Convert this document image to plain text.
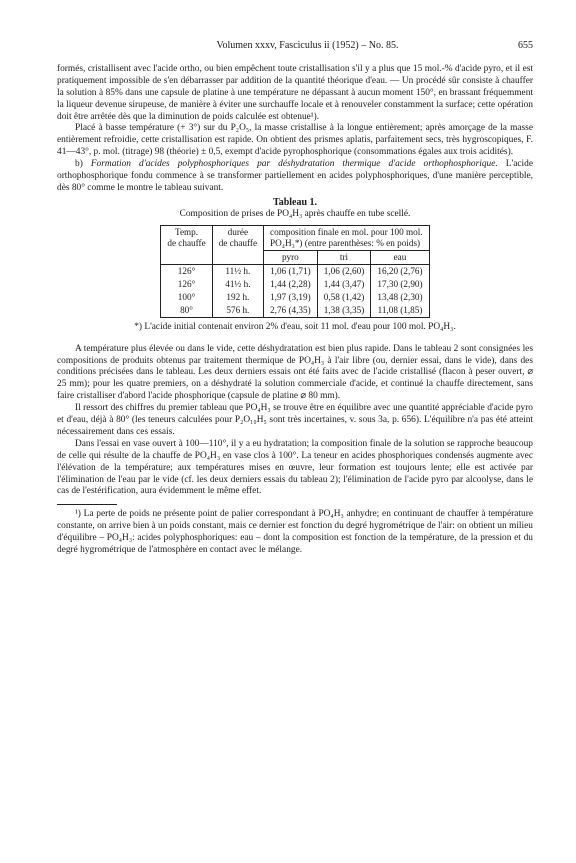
Volumen xxxv, Fasciculus ii (1952) – No. 85.	655

formés, cristallisent avec l'acide ortho, ou bien empêchent toute cristallisation s'il y a plus que 15 mol.-% d'acide pyro, et il est pratiquement impossible de s'en débarrasser par addition de la quantité théorique d'eau. — Un procédé sûr consiste à chauffer la solution à 85% dans une capsule de platine à une température ne dépassant à aucun moment 150°, en brassant fréquemment la liqueur devenue sirupeuse, de manière à éviter une surchauffe locale et à renouveler constamment la surface; cette opération doit être arrêtée dès que la diminution de poids calculée est obtenue¹).

Placé à basse température (+ 3°) sur du P₂O₅, la masse cristallise à la longue entièrement; après amorçage de la masse entièrement refroidie, cette cristallisation est rapide. On obtient des prismes aplatis, parfaitement secs, très hygroscopiques, F. 41—43°, p. mol. (titrage) 98 (théorie) ± 0,5, exempt d'acide pyrophosphorique (consommations égales aux trois acidités).

b) Formation d'acides polyphosphoriques par déshydratation thermique d'acide orthophosphorique. L'acide orthophosphorique fondu commence à se transformer partiellement en acides polyphosphoriques, d'une manière perceptible, dès 80° comme le montre le tableau suivant.

Tableau 1.
Composition de prises de PO₄H₃ après chauffe en tube scellé.
Temp.
de chauffe	durée
de chauffe	composition finale en mol. pour 100 mol.
PO₄H₃*) (entre parenthèses: % en poids)		
		pyro	tri	eau
126°	11½ h.	1,06 (1,71)	1,06 (2,60)	16,20 (2,76)
126°	41½ h.	1,44 (2,28)	1,44 (3,47)	17,30 (2,90)
100°	192 h.	1,97 (3,19)	0,58 (1,42)	13,48 (2,30)
80°	576 h.	2,76 (4,35)	1,38 (3,35)	11,08 (1,85)
*) L'acide initial contenait environ 2% d'eau, soit 11 mol. d'eau pour 100 mol. PO₄H₃.

A température plus élevée ou dans le vide, cette déshydratation est bien plus rapide. Dans le tableau 2 sont consignées les compositions de produits obtenus par traitement thermique de PO₄H₃ à l'air libre (ou, dernier essai, dans le vide), dans des conditions précisées dans le tableau. Les deux derniers essais ont été faits avec de l'acide cristallisé (flacon à peser ouvert, ⌀ 25 mm); pour les quatre premiers, on a déshydraté la solution commerciale d'acide, et continué la chauffe directement, sans faire cristalliser d'abord l'acide phosphorique (capsule de platine ⌀ 80 mm).

Il ressort des chiffres du premier tableau que PO₄H₃ se trouve être en équilibre avec une quantité appréciable d'acide pyro et d'eau, déjà à 80° (les teneurs calculées pour P₂O₁₀H₅ sont très incertaines, v. sous 3a, p. 656). L'équilibre n'a pas été atteint nécessairement dans ces essais.

Dans l'essai en vase ouvert à 100—110°, il y a eu hydratation; la composition finale de la solution se rapproche beaucoup de celle qui résulte de la chauffe de PO₄H₃ en vase clos à 100°. La teneur en acides phosphoriques condensés augmente avec l'élévation de la température; aux températures mises en œuvre, leur formation est toujours lente; elle est activée par l'élimination de l'eau par le vide (cf. les deux derniers essais du tableau 2); l'élimination de l'acide pyro par alcoolyse, dans le cas de l'estérification, aura évidemment le même effet.

¹) La perte de poids ne présente point de palier correspondant à PO₄H₃ anhydre; en continuant de chauffer à température constante, on arrive bien à un poids constant, mais ce dernier est fonction du degré hygrométrique de l'air: on obtient un milieu d'équilibre – PO₄H₃: acides polyphosphoriques: eau – dont la composition est fonction de la température, de la pression et du degré hygrométrique de l'atmosphère en contact avec le mélange.
